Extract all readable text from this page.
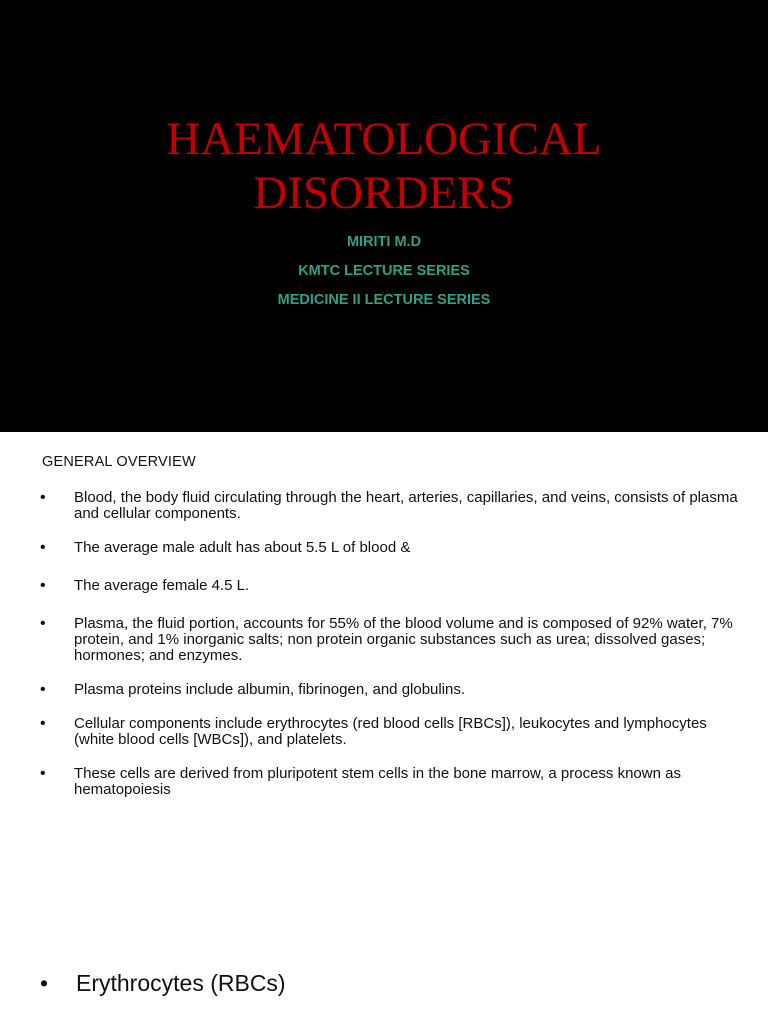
HAEMATOLOGICAL
DISORDERS
MIRITI M.D
KMTC LECTURE SERIES
MEDICINE II LECTURE SERIES
GENERAL OVERVIEW
• Blood, the body fluid circulating through the heart, arteries, capillaries, and veins, consists of plasma and cellular components.
• The average male adult has about 5.5 L of blood &
• The average female 4.5 L.
• Plasma, the fluid portion, accounts for 55% of the blood volume and is composed of 92% water, 7% protein, and 1% inorganic salts; non protein organic substances such as urea; dissolved gases; hormones; and enzymes.
• Plasma proteins include albumin, fibrinogen, and globulins.
• Cellular components include erythrocytes (red blood cells [RBCs]), leukocytes and lymphocytes (white blood cells [WBCs]), and platelets.
• These cells are derived from pluripotent stem cells in the bone marrow, a process known as hematopoiesis
• Erythrocytes (RBCs)
